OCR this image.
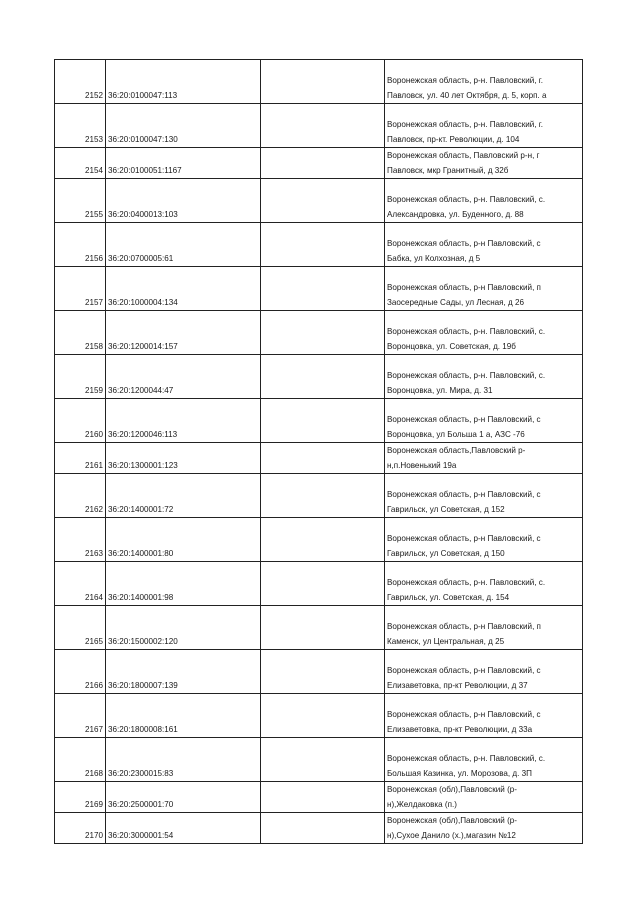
2152	36:20:0100047:113		Воронежская область, р-н. Павловский, г.
Павловск, ул. 40 лет Октября, д. 5, корп. а

2153	36:20:0100047:130		Воронежская область, р-н. Павловский, г.
Павловск, пр-кт. Революции, д. 104

2154	36:20:0100051:1167		Воронежская область, Павловский р-н, г
Павловск, мкр Гранитный, д 32б

2155	36:20:0400013:103		Воронежская область, р-н. Павловский, с.
Александровка, ул. Буденного, д. 88

2156	36:20:0700005:61		Воронежская область, р-н Павловский, с
Бабка, ул Колхозная, д 5

2157	36:20:1000004:134		Воронежская область, р-н Павловский, п
Заосередные Сады, ул Лесная, д 26

2158	36:20:1200014:157		Воронежская область, р-н. Павловский, с.
Воронцовка, ул. Советская, д. 19б

2159	36:20:1200044:47		Воронежская область, р-н. Павловский, с.
Воронцовка, ул. Мира, д. 31

2160	36:20:1200046:113		Воронежская область, р-н Павловский, с
Воронцовка, ул Больша 1 а, АЗС -76

2161	36:20:1300001:123		Воронежская область,Павловский р-
н,п.Новенький 19а

2162	36:20:1400001:72		Воронежская область, р-н Павловский, с
Гаврильск, ул Советская, д 152

2163	36:20:1400001:80		Воронежская область, р-н Павловский, с
Гаврильск, ул Советская, д 150

2164	36:20:1400001:98		Воронежская область, р-н. Павловский, с.
Гаврильск, ул. Советская, д. 154

2165	36:20:1500002:120		Воронежская область, р-н Павловский, п
Каменск, ул Центральная, д 25

2166	36:20:1800007:139		Воронежская область, р-н Павловский, с
Елизаветовка, пр-кт Революции, д 37

2167	36:20:1800008:161		Воронежская область, р-н Павловский, с
Елизаветовка, пр-кт Революции, д 33а

2168	36:20:2300015:83		Воронежская область, р-н. Павловский, с.
Большая Казинка, ул. Морозова, д. 3П

2169	36:20:2500001:70		Воронежская (обл),Павловский (р-
н),Желдаковка (п.)

2170	36:20:3000001:54		Воронежская (обл),Павловский (р-
н),Сухое Данило (х.),магазин №12
